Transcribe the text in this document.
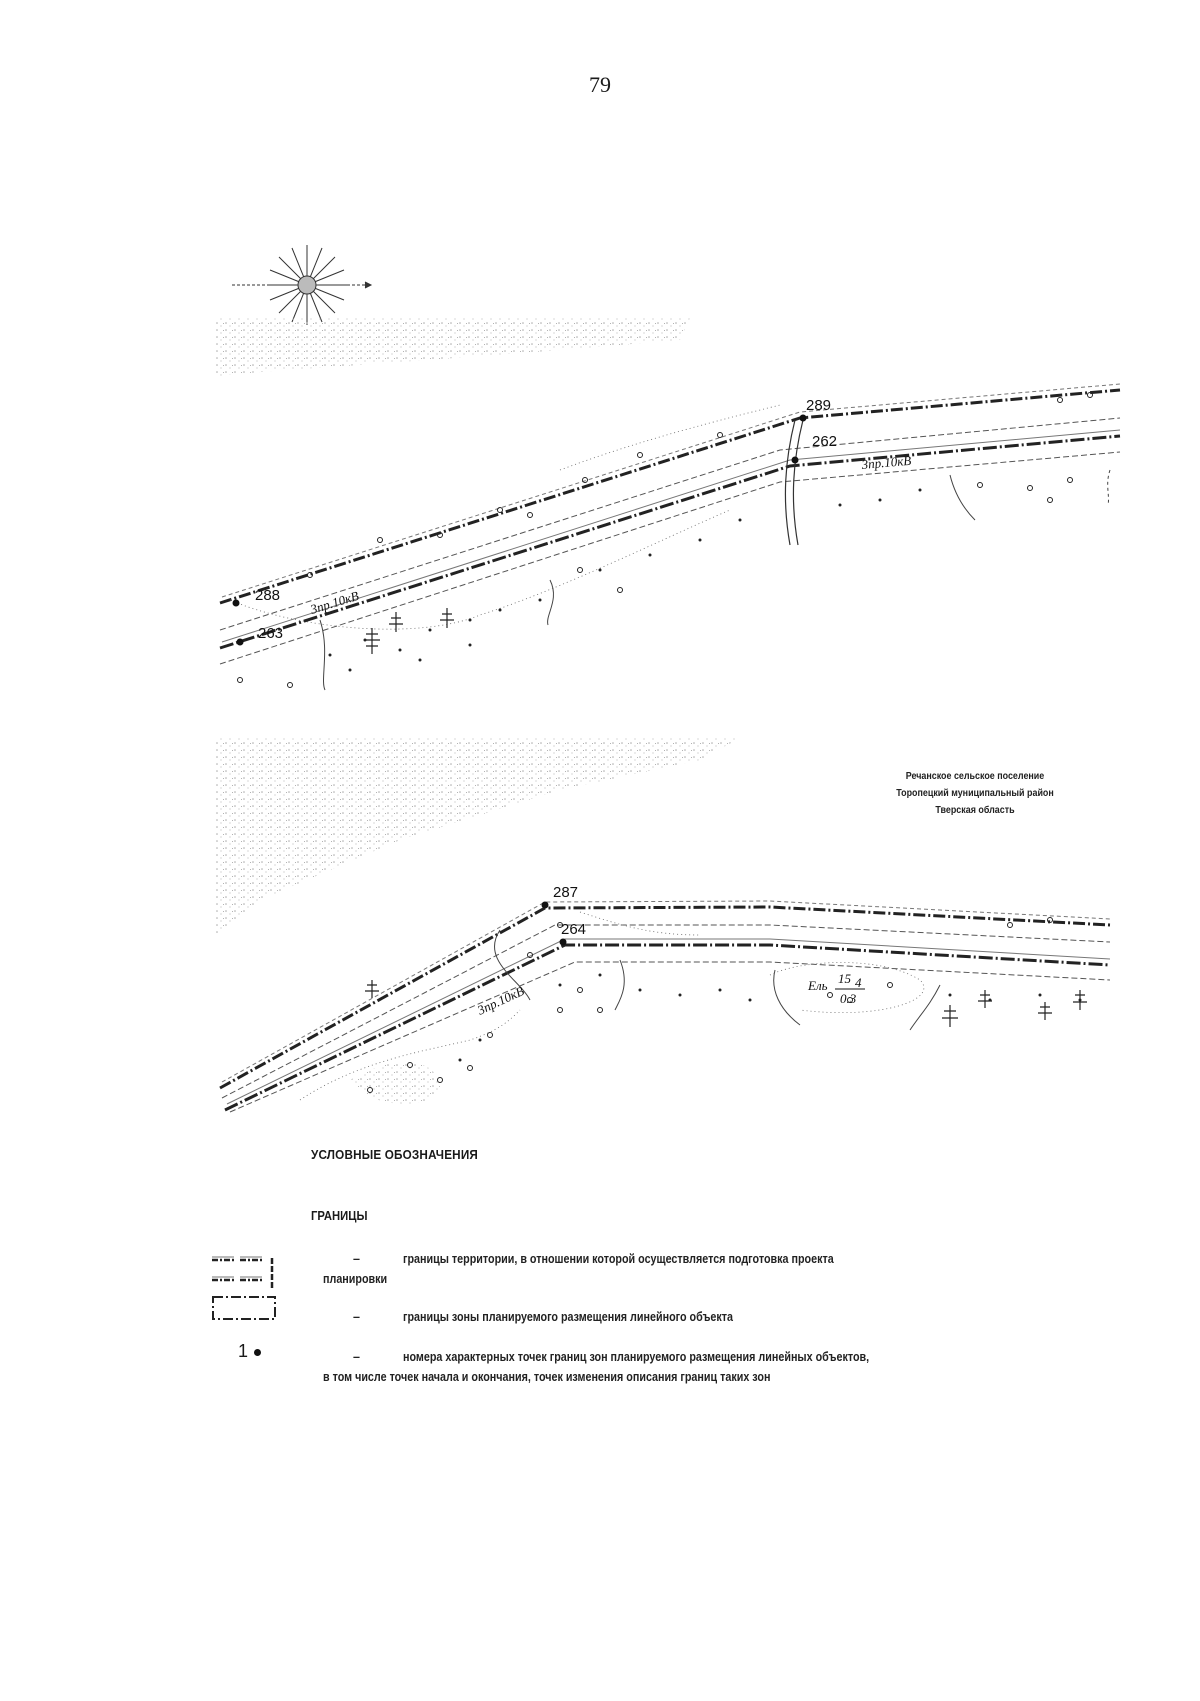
79
289
262
288
263
3пр.10кВ
3пр.10кВ
287
264
3пр.10кВ	Ель 15 4
0.3
Речанское сельское поселение
Торопецкий муниципальный район
Тверская область
УСЛОВНЫЕ ОБОЗНАЧЕНИЯ
ГРАНИЦЫ
–	границы территории, в отношении которой осуществляется подготовка проекта
планировки
–	границы зоны планируемого размещения линейного объекта
1	–	номера характерных точек границ зон планируемого размещения линейных объектов,
в том числе точек начала и окончания, точек изменения описания границ таких зон
